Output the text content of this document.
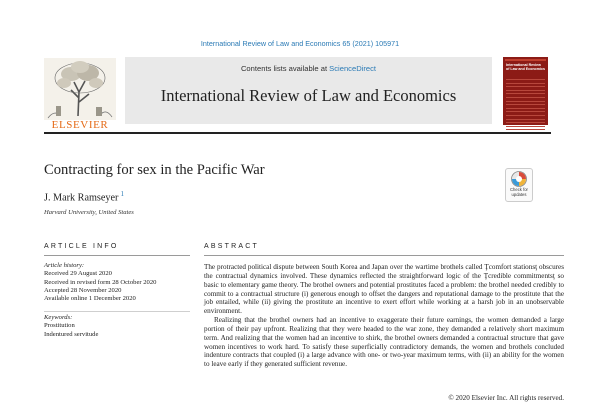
International Review of Law and Economics 65 (2021) 105971
Contents lists available at ScienceDirect
International Review of Law and Economics
ELSEVIER
International Review of Law and Economics
Contracting for sex in the Pacific War
J. Mark Ramseyer  $^1$
Harvard University, United States
Check for updates
ARTICLE INFO
Article history:
Received 29 August 2020
Received in revised form 28 October 2020
Accepted 28 November 2020
Available online 1 December 2020
Keywords:
Prostitution
Indentured servitude
ABSTRACT

The protracted political dispute between South Korea and Japan over the wartime brothels called Ţcomfort stationsţ obscures the contractual dynamics involved. These dynamics reflected the straightforward logic of the Ţcredible commitmentsţ so basic to elementary game theory. The brothel owners and potential prostitutes faced a problem: the brothel needed credibly to commit to a contractual structure (i) generous enough to offset the dangers and reputational damage to the prostitute that the job entailed, while (ii) giving the prostitute an incentive to exert effort while working at a harsh job in an unobservable environment.

Realizing that the brothel owners had an incentive to exaggerate their future earnings, the women demanded a large portion of their pay upfront. Realizing that they were headed to the war zone, they demanded a relatively short maximum term. And realizing that the women had an incentive to shirk, the brothel owners demanded a contractual structure that gave women incentives to work hard. To satisfy these superficially contradictory demands, the women and brothels concluded indenture contracts that coupled (i) a large advance with one- or two-year maximum terms, with (ii) an ability for the women to leave early if they generated sufficient revenue.

© 2020 Elsevier Inc. All rights reserved.
